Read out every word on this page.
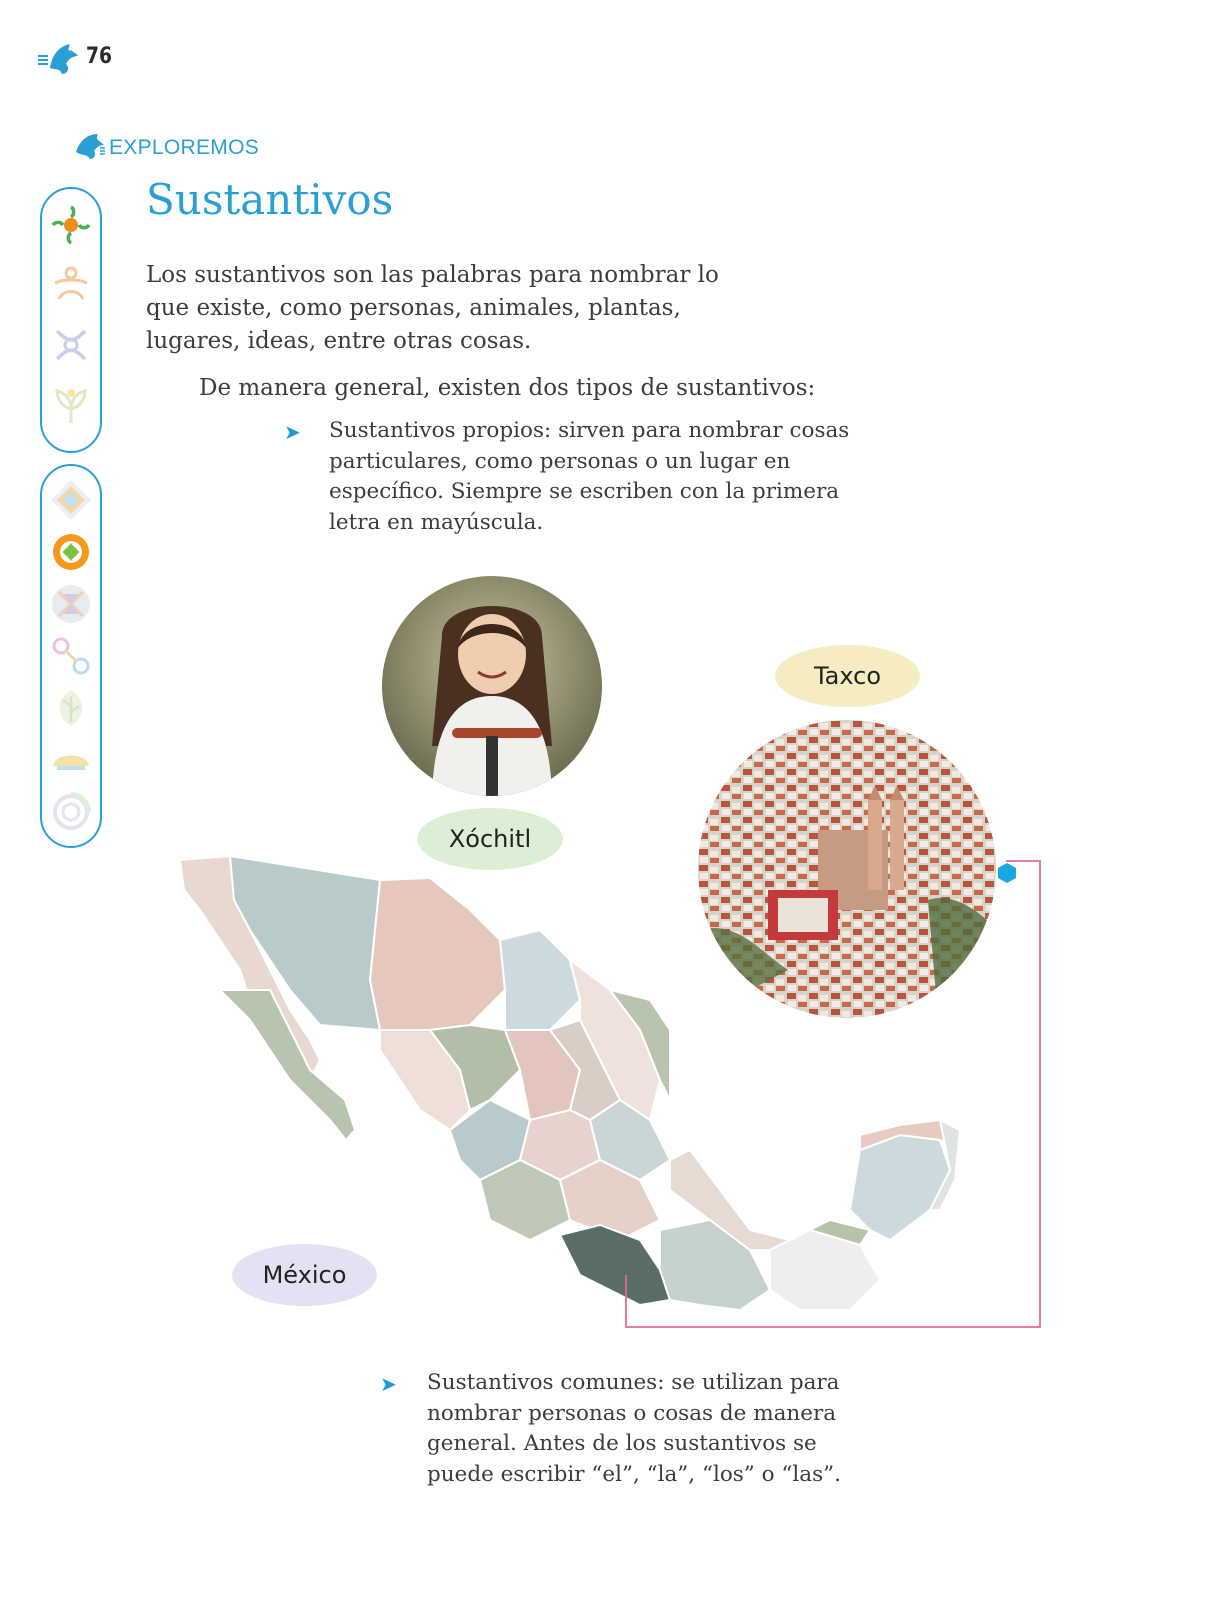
76
EXPLOREMOS
Sustantivos

Los sustantivos son las palabras para nombrar lo que existe, como personas, animales, plantas, lugares, ideas, entre otras cosas.

De manera general, existen dos tipos de sustantivos:

➤ Sustantivos propios: sirven para nombrar cosas particulares, como personas o un lugar en específico. Siempre se escriben con la primera letra en mayúscula.

Taxco
Xóchitl
México
➤ Sustantivos comunes: se utilizan para nombrar personas o cosas de manera general. Antes de los sustantivos se puede escribir “el”, “la”, “los” o “las”.
